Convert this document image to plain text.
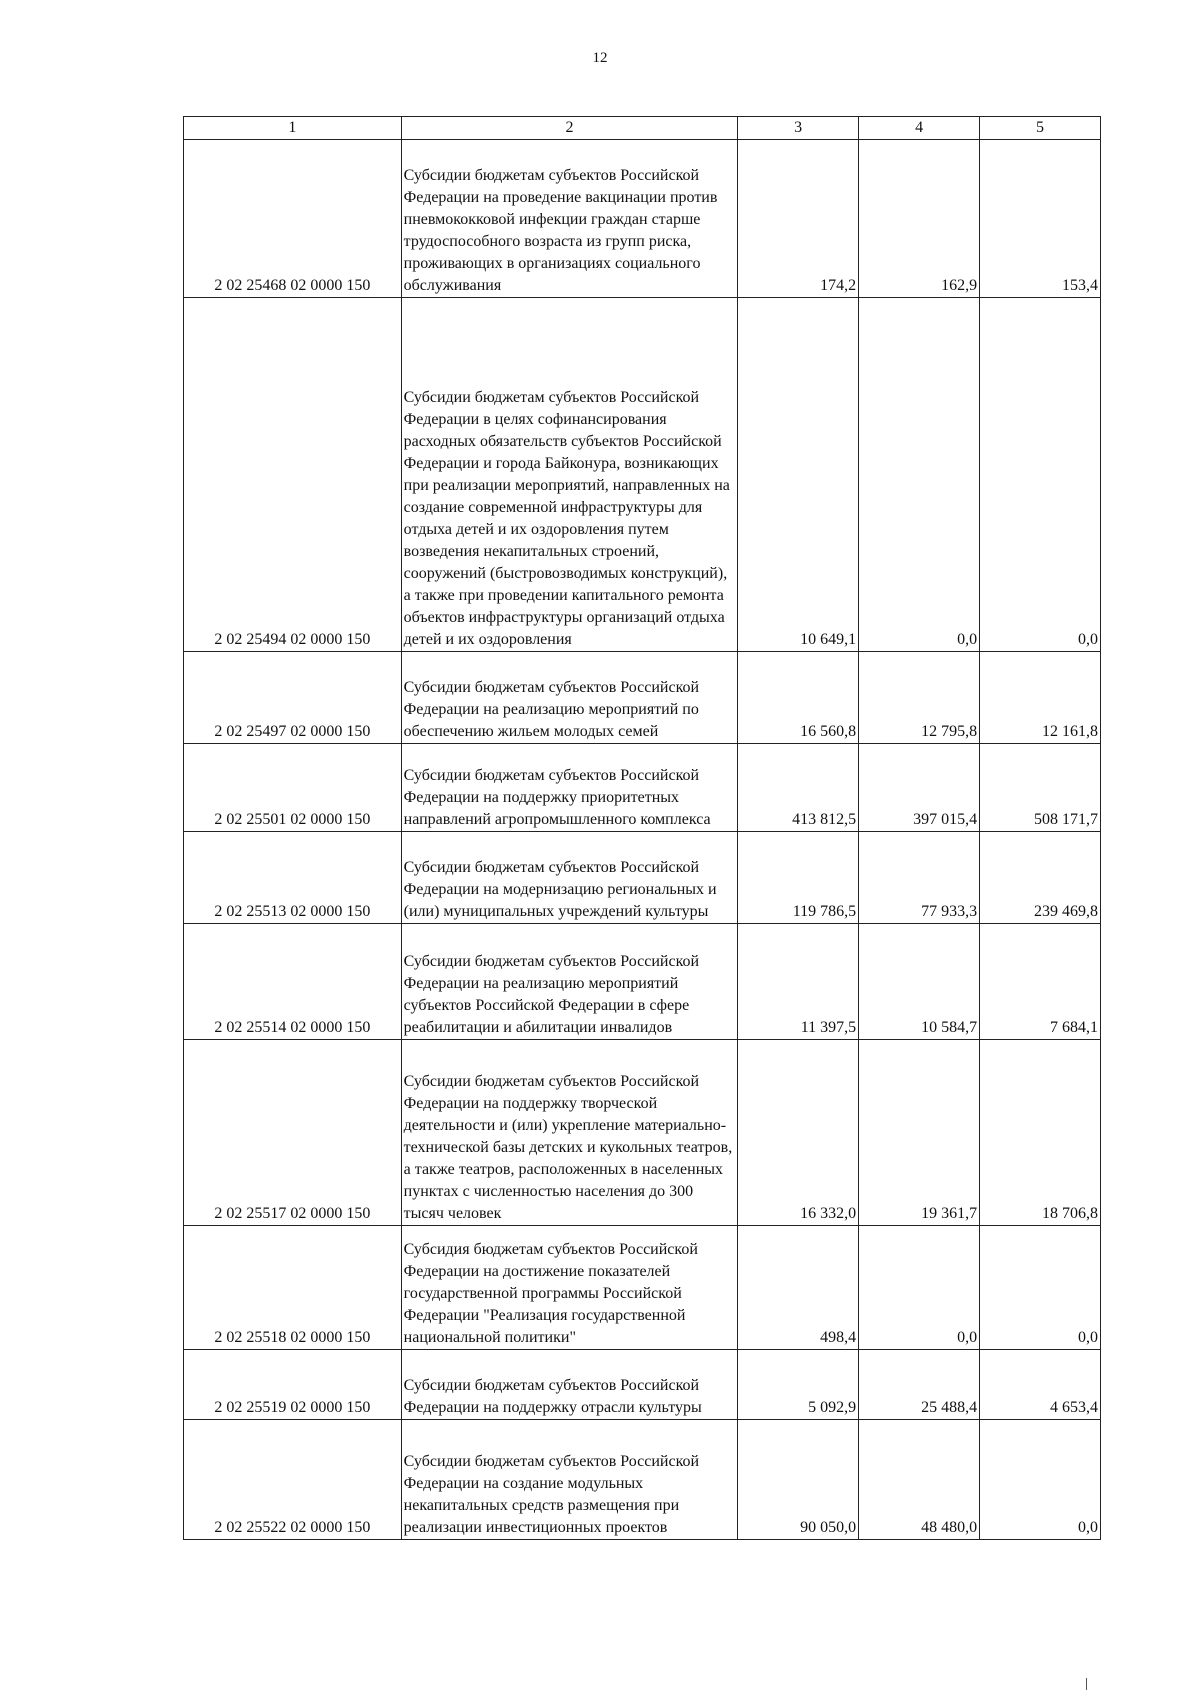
12
1	2	3	4	5
2 02 25468 02 0000 150	Субсидии бюджетам субъектов Российской Федерации на проведение вакцинации против пневмококковой инфекции граждан старше трудоспособного возраста из групп риска, проживающих в организациях социального обслуживания	174,2	162,9	153,4
2 02 25494 02 0000 150	Субсидии бюджетам субъектов Российской Федерации в целях софинансирования расходных обязательств субъектов Российской Федерации и города Байконура, возникающих при реализации мероприятий, направленных на создание современной инфраструктуры для отдыха детей и их оздоровления путем возведения некапитальных строений, сооружений (быстровозводимых конструкций), а также при проведении капитального ремонта объектов инфраструктуры организаций отдыха детей и их оздоровления	10 649,1	0,0	0,0
2 02 25497 02 0000 150	Субсидии бюджетам субъектов Российской Федерации на реализацию мероприятий по обеспечению жильем молодых семей	16 560,8	12 795,8	12 161,8
2 02 25501 02 0000 150	Субсидии бюджетам субъектов Российской Федерации на поддержку приоритетных направлений агропромышленного комплекса	413 812,5	397 015,4	508 171,7
2 02 25513 02 0000 150	Субсидии бюджетам субъектов Российской Федерации на модернизацию региональных и (или) муниципальных учреждений культуры	119 786,5	77 933,3	239 469,8
2 02 25514 02 0000 150	Субсидии бюджетам субъектов Российской Федерации на реализацию мероприятий субъектов Российской Федерации в сфере реабилитации и абилитации инвалидов	11 397,5	10 584,7	7 684,1
2 02 25517 02 0000 150	Субсидии бюджетам субъектов Российской Федерации на поддержку творческой деятельности и (или) укрепление материально-технической базы детских и кукольных театров, а также театров, расположенных в населенных пунктах с численностью населения до 300 тысяч человек	16 332,0	19 361,7	18 706,8
2 02 25518 02 0000 150	Субсидия бюджетам субъектов Российской Федерации на достижение показателей государственной программы Российской Федерации "Реализация государственной национальной политики"	498,4	0,0	0,0
2 02 25519 02 0000 150	Субсидии бюджетам субъектов Российской Федерации на поддержку отрасли культуры	5 092,9	25 488,4	4 653,4
2 02 25522 02 0000 150	Субсидии бюджетам субъектов Российской Федерации на создание модульных некапитальных средств размещения при реализации инвестиционных проектов	90 050,0	48 480,0	0,0
